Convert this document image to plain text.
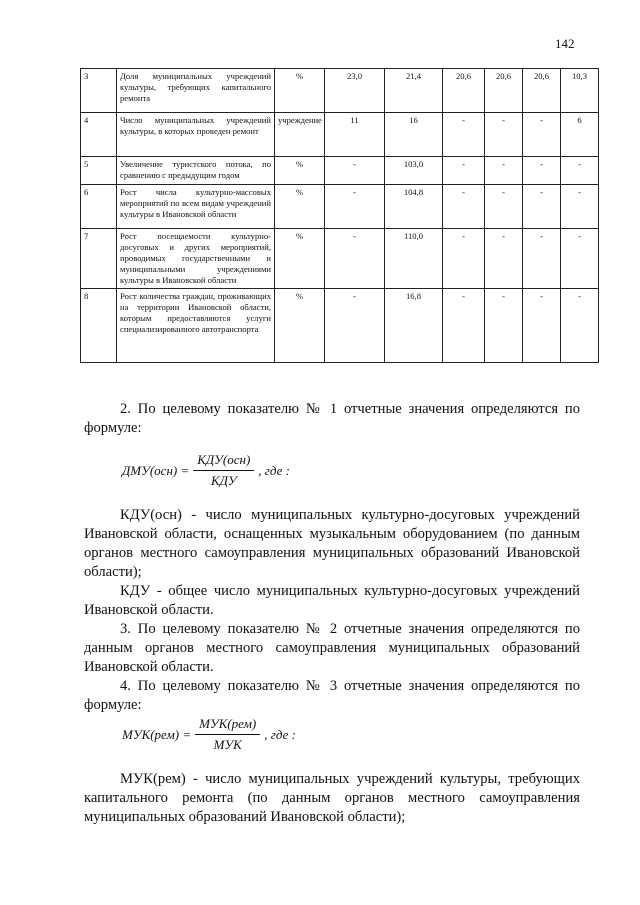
142
3	Доля муниципальных учреждений культуры, требующих капитального ремонта	%	23,0	21,4	20,6	20,6	20,6	10,3
4	Число муниципальных учреждений культуры, в которых проведен ремонт	учреждение	11	16	-	-	-	6
5	Увеличение туристского потока, по сравнению с предыдущим годом	%	-	103,0	-	-	-	-
6	Рост числа культурно-массовых мероприятий по всем видам учреждений культуры в Ивановской области	%	-	104,8	-	-	-	-
7	Рост посещаемости культурно-досуговых и других мероприятий, проводимых государственными и муниципальными учреждениями культуры в Ивановской области	%	-	110,0	-	-	-	-
8	Рост количества граждан, проживающих на территории Ивановской области, которым предоставляются услуги специализированного автотранспорта	%	-	16,8	-	-	-	-

2. По целевому показателю № 1 отчетные значения определяются по формуле:

$ДМУ(осн) = \frac{\text{КДУ(осн)}}{\text{КДУ}}$ , где :

КДУ(осн) - число муниципальных культурно-досуговых учреждений Ивановской области, оснащенных музыкальным оборудованием (по данным органов местного самоуправления муниципальных образований Ивановской области);

КДУ - общее число муниципальных культурно-досуговых учреждений Ивановской области.

3. По целевому показателю № 2 отчетные значения определяются по данным органов местного самоуправления муниципальных образований Ивановской области.

4. По целевому показателю № 3 отчетные значения определяются по формуле:

$МУК(рем) = \frac{\text{МУК(рем)}}{\text{МУК}}$ , где :

МУК(рем) - число муниципальных учреждений культуры, требующих капитального ремонта (по данным органов местного самоуправления муниципальных образований Ивановской области);
